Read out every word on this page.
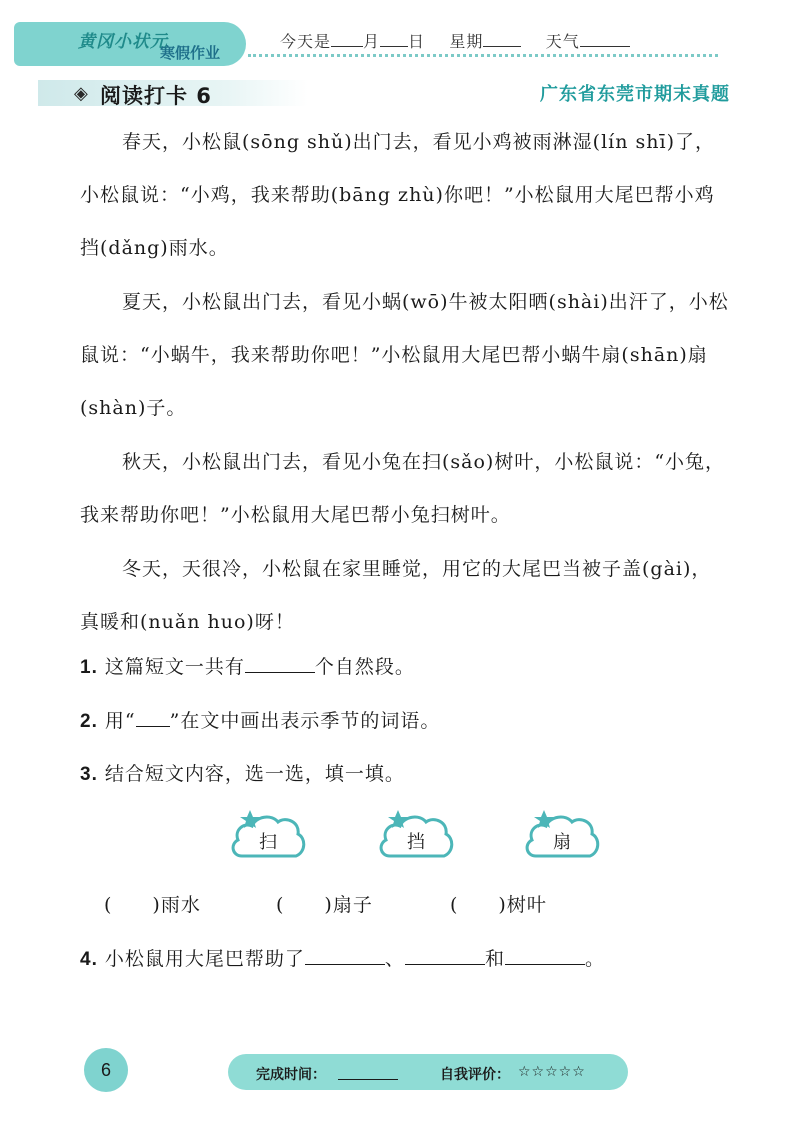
黄冈小状元
寒假作业
今天是 月 日 星期	天气
◈ 阅读打卡 6	广东省东莞市期末真题
春天，小松鼠(sōng shǔ)出门去，看见小鸡被雨淋湿(lín shī)了，小松鼠说：“小鸡，我来帮助(bāng zhù)你吧！”小松鼠用大尾巴帮小鸡挡(dǎng)雨水。
夏天，小松鼠出门去，看见小蜗(wō)牛被太阳晒(shài)出汗了，小松鼠说：“小蜗牛，我来帮助你吧！”小松鼠用大尾巴帮小蜗牛扇(shān)扇(shàn)子。
秋天，小松鼠出门去，看见小兔在扫(sǎo)树叶，小松鼠说：“小兔，我来帮助你吧！”小松鼠用大尾巴帮小兔扫树叶。
冬天，天很冷，小松鼠在家里睡觉，用它的大尾巴当被子盖(gài)，真暖和(nuǎn huo)呀！
1. 这篇短文一共有	个自然段。
2. 用“ ”在文中画出表示季节的词语。
3. 结合短文内容，选一选，填一填。
扫	挡	扇
(　　)雨水	(　　)扇子	(　　)树叶
4. 小松鼠用大尾巴帮助了	、	和	。
6	完成时间：	自我评价： ☆☆☆☆☆
